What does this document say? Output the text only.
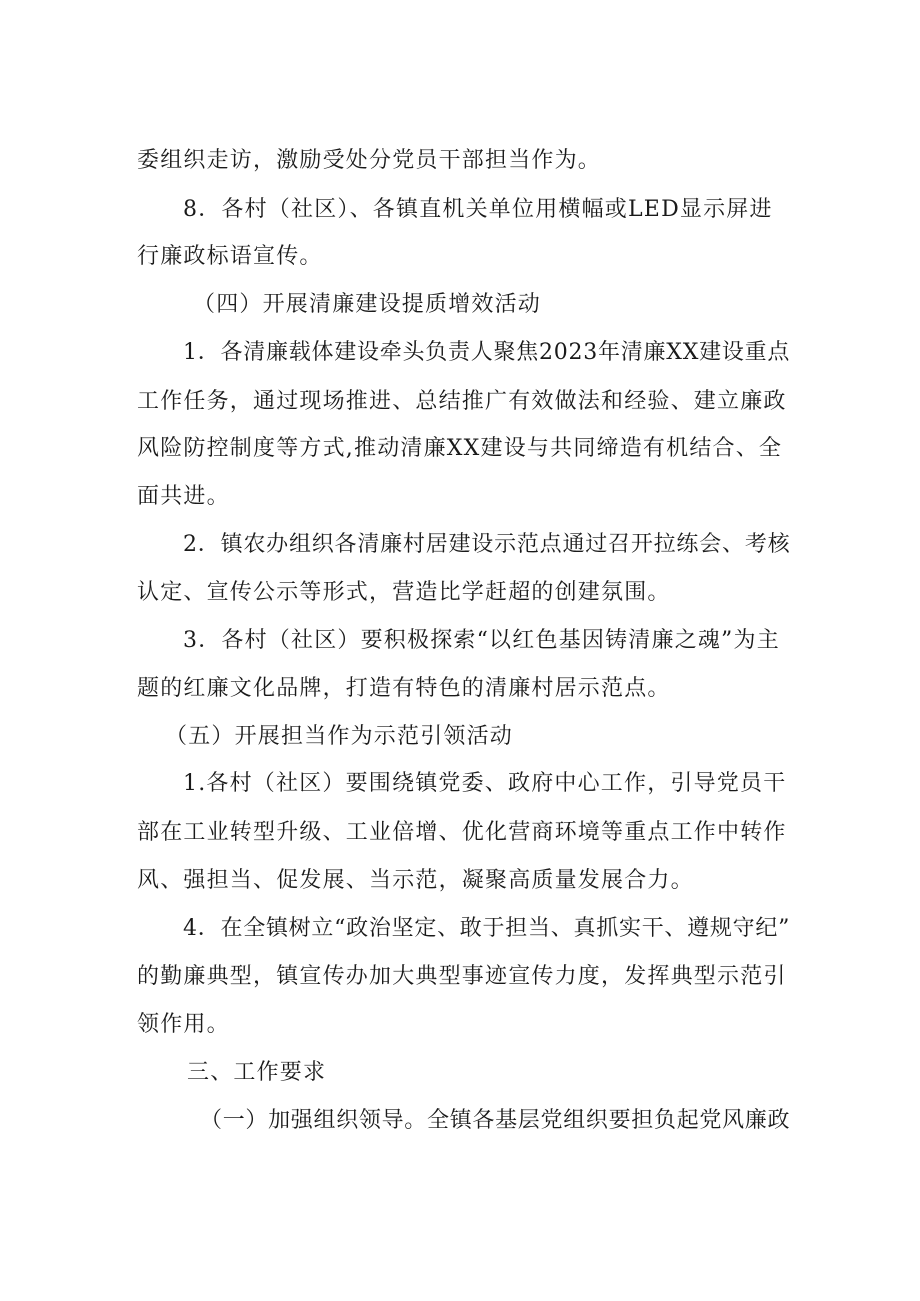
委组织走访，激励受处分党员干部担当作为。
8．各村（社区）、各镇直机关单位用横幅或LED显示屏进
行廉政标语宣传。
（四）开展清廉建设提质增效活动
1．各清廉载体建设牵头负责人聚焦2023年清廉XX建设重点
工作任务，通过现场推进、总结推广有效做法和经验、建立廉政
风险防控制度等方式,推动清廉XX建设与共同缔造有机结合、全
面共进。
2．镇农办组织各清廉村居建设示范点通过召开拉练会、考核
认定、宣传公示等形式，营造比学赶超的创建氛围。
3．各村（社区）要积极探索“以红色基因铸清廉之魂”为主
题的红廉文化品牌，打造有特色的清廉村居示范点。
（五）开展担当作为示范引领活动
1.各村（社区）要围绕镇党委、政府中心工作，引导党员干
部在工业转型升级、工业倍增、优化营商环境等重点工作中转作
风、强担当、促发展、当示范，凝聚高质量发展合力。
4．在全镇树立“政治坚定、敢于担当、真抓实干、遵规守纪”
的勤廉典型，镇宣传办加大典型事迹宣传力度，发挥典型示范引
领作用。
三、工作要求
（一）加强组织领导。全镇各基层党组织要担负起党风廉政
